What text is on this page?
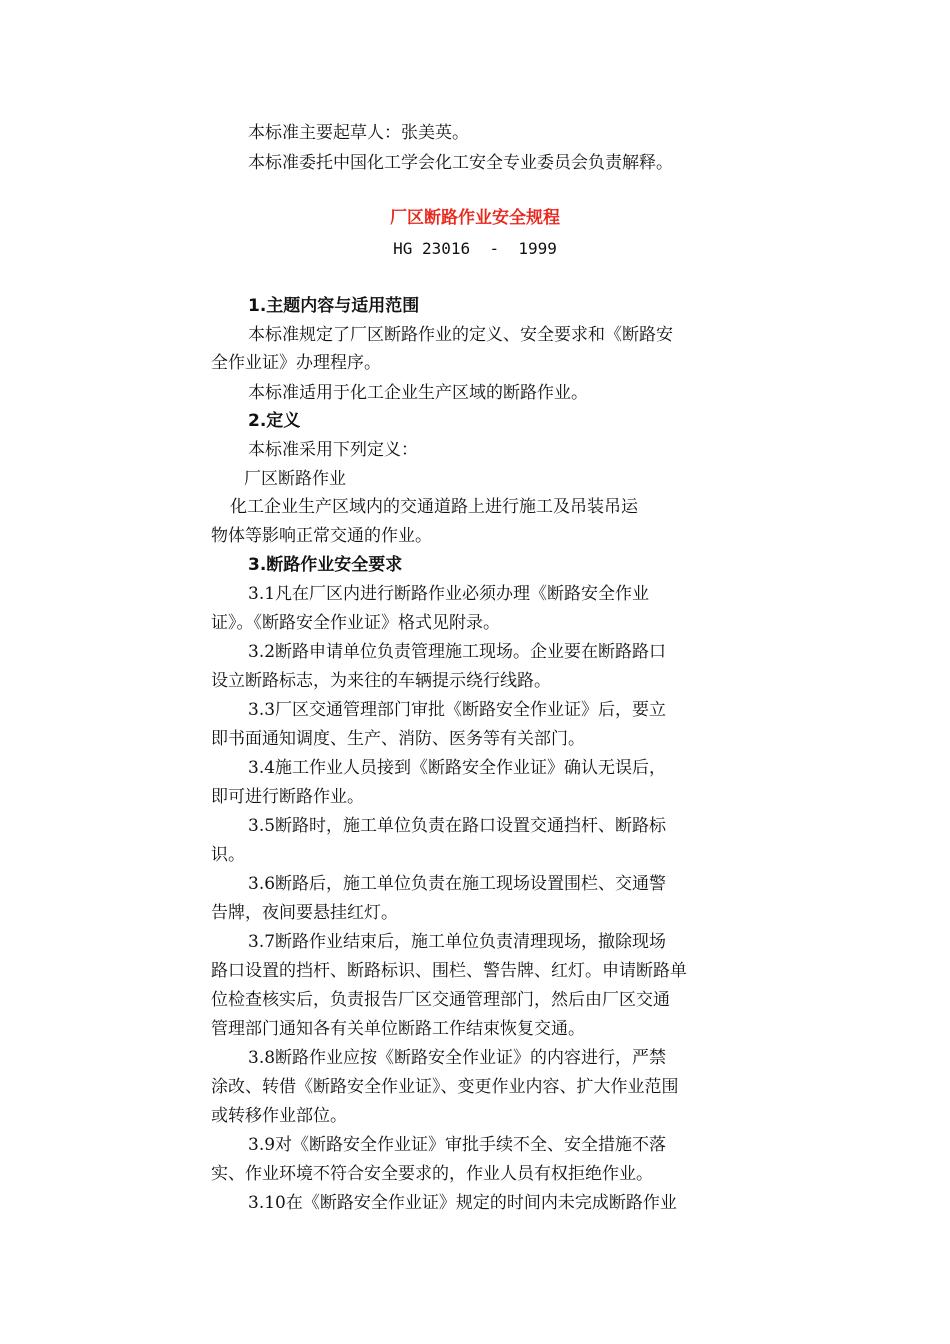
本标准主要起草人：张美英。

本标准委托中国化工学会化工安全专业委员会负责解释。

厂区断路作业安全规程
HG 23016  -  1999
1.主题内容与适用范围

本标准规定了厂区断路作业的定义、安全要求和《断路安

全作业证》办理程序。

本标准适用于化工企业生产区域的断路作业。

2.定义

本标准采用下列定义：

厂区断路作业

化工企业生产区域内的交通道路上进行施工及吊装吊运

物体等影响正常交通的作业。

3.断路作业安全要求

3.1凡在厂区内进行断路作业必须办理《断路安全作业

证》。《断路安全作业证》格式见附录。

3.2断路申请单位负责管理施工现场。企业要在断路路口

设立断路标志，为来往的车辆提示绕行线路。

3.3厂区交通管理部门审批《断路安全作业证》后，要立

即书面通知调度、生产、消防、医务等有关部门。

3.4施工作业人员接到《断路安全作业证》确认无误后，

即可进行断路作业。

3.5断路时，施工单位负责在路口设置交通挡杆、断路标

识。

3.6断路后，施工单位负责在施工现场设置围栏、交通警

告牌，夜间要悬挂红灯。

3.7断路作业结束后，施工单位负责清理现场，撤除现场

路口设置的挡杆、断路标识、围栏、警告牌、红灯。申请断路单

位检查核实后，负责报告厂区交通管理部门，然后由厂区交通

管理部门通知各有关单位断路工作结束恢复交通。

3.8断路作业应按《断路安全作业证》的内容进行，严禁

涂改、转借《断路安全作业证》、变更作业内容、扩大作业范围

或转移作业部位。

3.9对《断路安全作业证》审批手续不全、安全措施不落

实、作业环境不符合安全要求的，作业人员有权拒绝作业。

3.10在《断路安全作业证》规定的时间内未完成断路作业
